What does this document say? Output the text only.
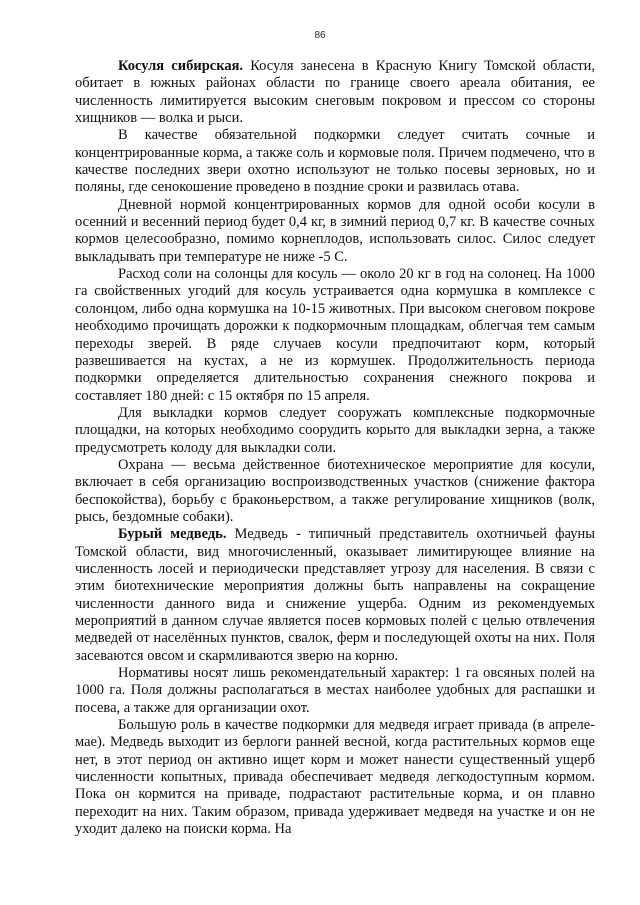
86

Косуля сибирская. Косуля занесена в Красную Книгу Томской области, обитает в южных районах области по границе своего ареала обитания, ее численность лимитируется высоким снеговым покровом и прессом со стороны хищников — волка и рыси.

В качестве обязательной подкормки следует считать сочные и концентрированные корма, а также соль и кормовые поля. Причем подмечено, что в качестве последних звери охотно используют не только посевы зерновых, но и поляны, где сенокошение проведено в поздние сроки и развилась отава.

Дневной нормой концентрированных кормов для одной особи косули в осенний и весенний период будет 0,4 кг, в зимний период 0,7 кг. В качестве сочных кормов целесообразно, помимо корнеплодов, использовать силос. Силос следует выкладывать при температуре не ниже -5 С.

Расход соли на солонцы для косуль — около 20 кг в год на солонец. На 1000 га свойственных угодий для косуль устраивается одна кормушка в комплексе с солонцом, либо одна кормушка на 10-15 животных. При высоком снеговом покрове необходимо прочищать дорожки к подкормочным площадкам, облегчая тем самым переходы зверей. В ряде случаев косули предпочитают корм, который развешивается на кустах, а не из кормушек. Продолжительность периода подкормки определяется длительностью сохранения снежного покрова и составляет 180 дней: с 15 октября по 15 апреля.

Для выкладки кормов следует сооружать комплексные подкормочные площадки, на которых необходимо соорудить корыто для выкладки зерна, а также предусмотреть колоду для выкладки соли.

Охрана — весьма действенное биотехническое мероприятие для косули, включает в себя организацию воспроизводственных участков (снижение фактора беспокойства), борьбу с браконьерством, а также регулирование хищников (волк, рысь, бездомные собаки).

Бурый медведь. Медведь - типичный представитель охотничьей фауны Томской области, вид многочисленный, оказывает лимитирующее влияние на численность лосей и периодически представляет угрозу для населения. В связи с этим биотехнические мероприятия должны быть направлены на сокращение численности данного вида и снижение ущерба. Одним из рекомендуемых мероприятий в данном случае является посев кормовых полей с целью отвлечения медведей от населённых пунктов, свалок, ферм и последующей охоты на них. Поля засеваются овсом и скармливаются зверю на корню.

Нормативы носят лишь рекомендательный характер: 1 га овсяных полей на 1000 га. Поля должны располагаться в местах наиболее удобных для распашки и посева, а также для организации охот.

Большую роль в качестве подкормки для медведя играет привада (в апреле-мае). Медведь выходит из берлоги ранней весной, когда растительных кормов еще нет, в этот период он активно ищет корм и может нанести существенный ущерб численности копытных, привада обеспечивает медведя легкодоступным кормом. Пока он кормится на приваде, подрастают растительные корма, и он плавно переходит на них. Таким образом, привада удерживает медведя на участке и он не уходит далеко на поиски корма. На
